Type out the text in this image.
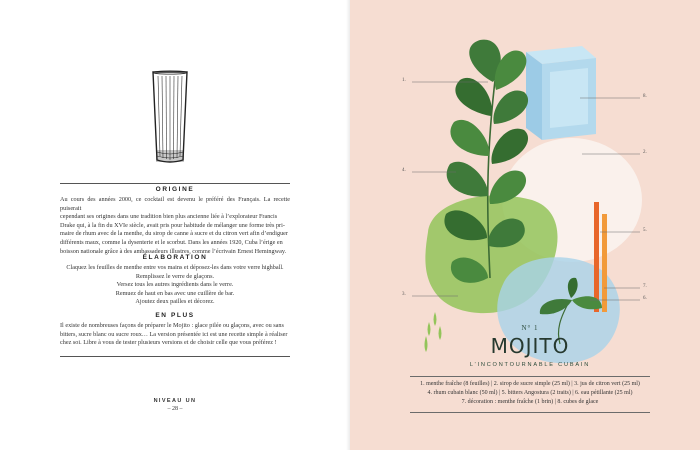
ORIGINE
Au cours des années 2000, ce cocktail est devenu le préféré des Français. La recette puiserait
cependant ses origines dans une tradition bien plus ancienne liée à l’explorateur Francis
Drake qui, à la fin du XVIe siècle, avait pris pour habitude de mélanger une forme très pri-
maire de rhum avec de la menthe, du sirop de canne à sucre et du citron vert afin d’endiguer
différents maux, comme la dysenterie et le scorbut. Dans les années 1920, Cuba l’érige en
boisson nationale grâce à des ambassadeurs illustres, comme l’écrivain Ernest Hemingway.
ÉLABORATION
Claquez les feuilles de menthe entre vos mains et déposez-les dans votre verre highball.
Remplissez le verre de glaçons.
Versez tous les autres ingrédients dans le verre.
Remuez de haut en bas avec une cuillère de bar.
Ajoutez deux pailles et décorez.
EN PLUS
Il existe de nombreuses façons de préparer le Mojito : glace pilée ou glaçons, avec ou sans
bitters, sucre blanc ou sucre roux… La version présentée ici est une recette simple à réaliser
chez soi. Libre à vous de tester plusieurs versions et de choisir celle que vous préférez !
NIVEAU UN
– 28 –
1.
2.
3.
4.
5.
6.
7.
8.
N° 1
MOJITO
L’INCONTOURNABLE CUBAIN
1. menthe fraîche (8 feuilles) | 2. sirop de sucre simple (25 ml) | 3. jus de citron vert (25 ml)
4. rhum cubain blanc (50 ml) | 5. bitters Angostura (2 traits) | 6. eau pétillante (25 ml)
7. décoration : menthe fraîche (1 brin) | 8. cubes de glace
